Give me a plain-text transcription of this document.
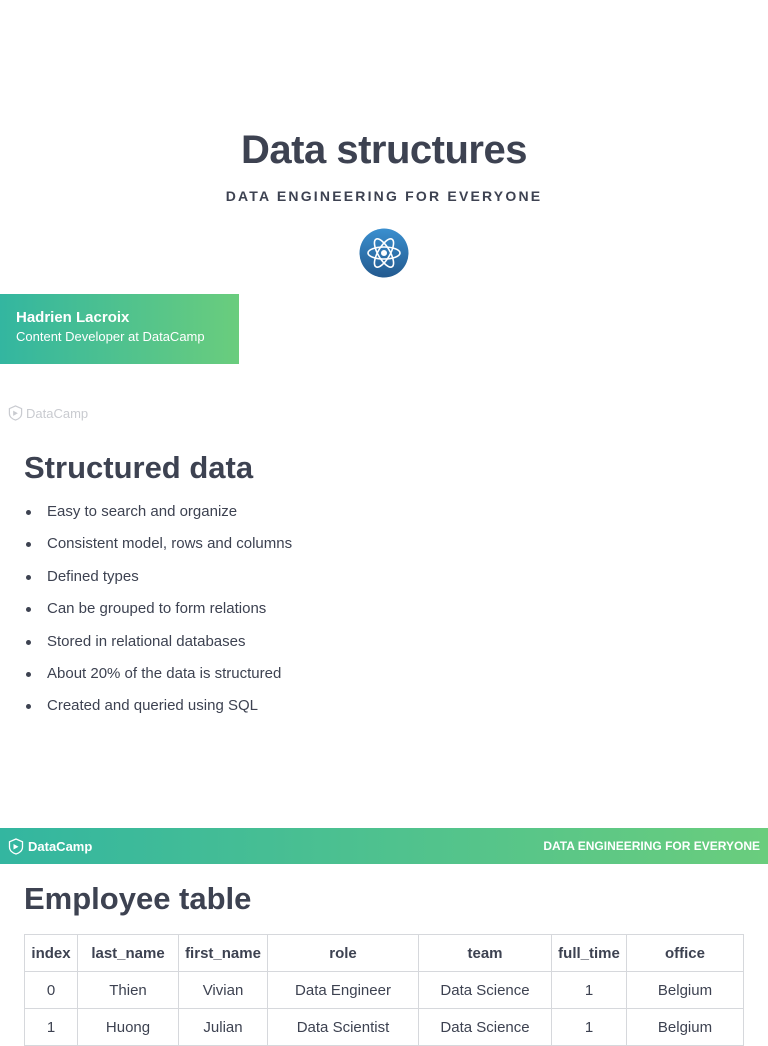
Data structures
DATA ENGINEERING FOR EVERYONE
Hadrien Lacroix
Content Developer at DataCamp
DataCamp
Structured data
Easy to search and organize
Consistent model, rows and columns
Defined types
Can be grouped to form relations
Stored in relational databases
About 20% of the data is structured
Created and queried using SQL
DataCamp	DATA ENGINEERING FOR EVERYONE
Employee table
index	last_name	first_name	role	team	full_time	office
0	Thien	Vivian	Data Engineer	Data Science	1	Belgium
1	Huong	Julian	Data Scientist	Data Science	1	Belgium
